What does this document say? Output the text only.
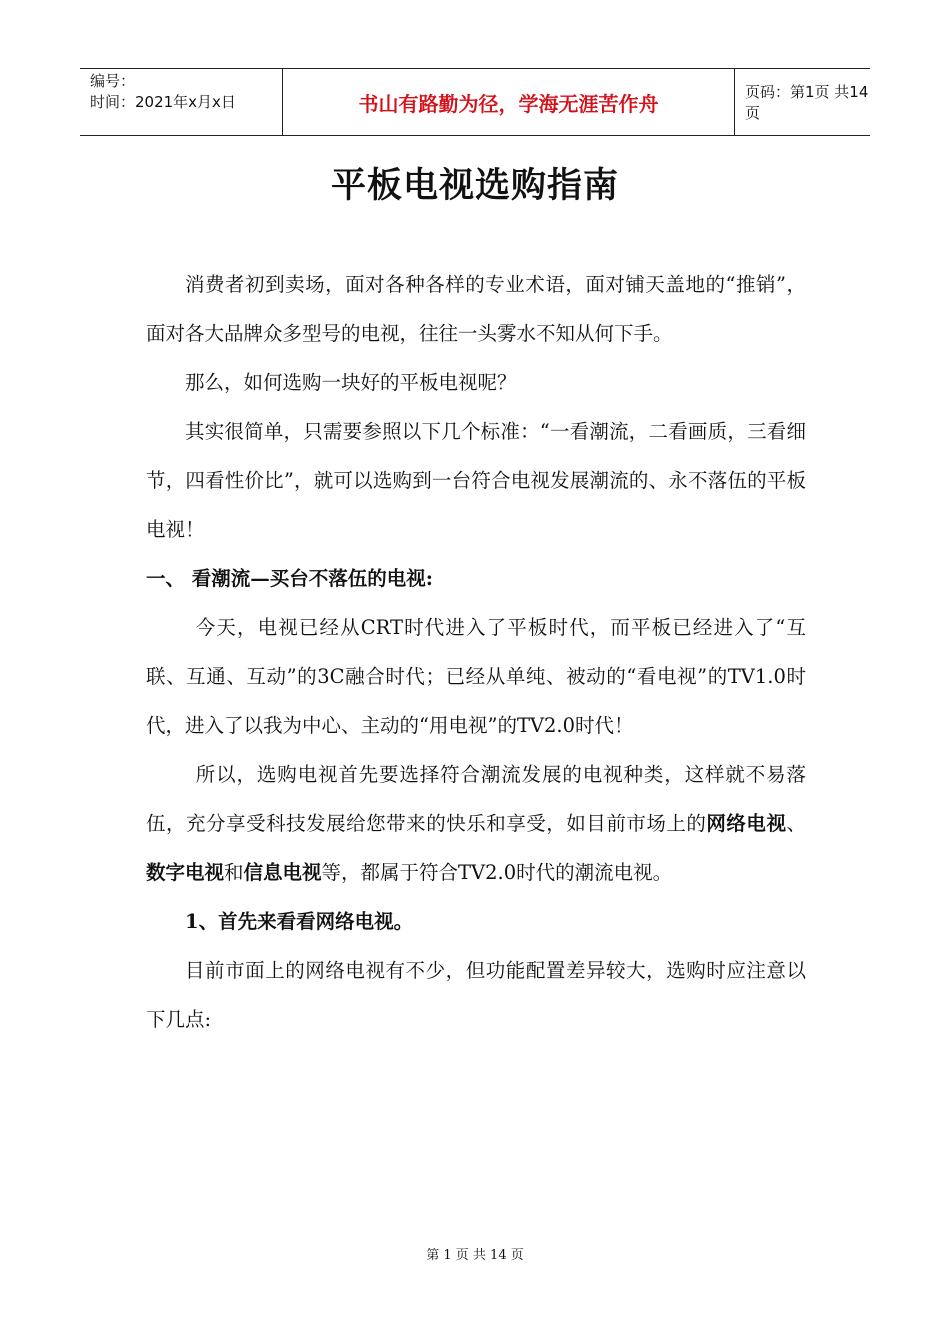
编号：
时间：2021年x月x日	书山有路勤为径，学海无涯苦作舟	页码：第1页 共14页
平板电视选购指南

消费者初到卖场，面对各种各样的专业术语，面对铺天盖地的“推销”，面对各大品牌众多型号的电视，往往一头雾水不知从何下手。

那么，如何选购一块好的平板电视呢？

其实很简单，只需要参照以下几个标准：“一看潮流，二看画质，三看细节，四看性价比”，就可以选购到一台符合电视发展潮流的、永不落伍的平板电视！

一、 看潮流—买台不落伍的电视:

今天，电视已经从CRT时代进入了平板时代，而平板已经进入了“互联、互通、互动”的3C融合时代；已经从单纯、被动的“看电视”的TV1.0时代，进入了以我为中心、主动的“用电视”的TV2.0时代！

所以，选购电视首先要选择符合潮流发展的电视种类，这样就不易落伍，充分享受科技发展给您带来的快乐和享受，如目前市场上的网络电视、数字电视和信息电视等，都属于符合TV2.0时代的潮流电视。

1、首先来看看网络电视。

目前市面上的网络电视有不少，但功能配置差异较大，选购时应注意以下几点:

第 1 页 共 14 页
